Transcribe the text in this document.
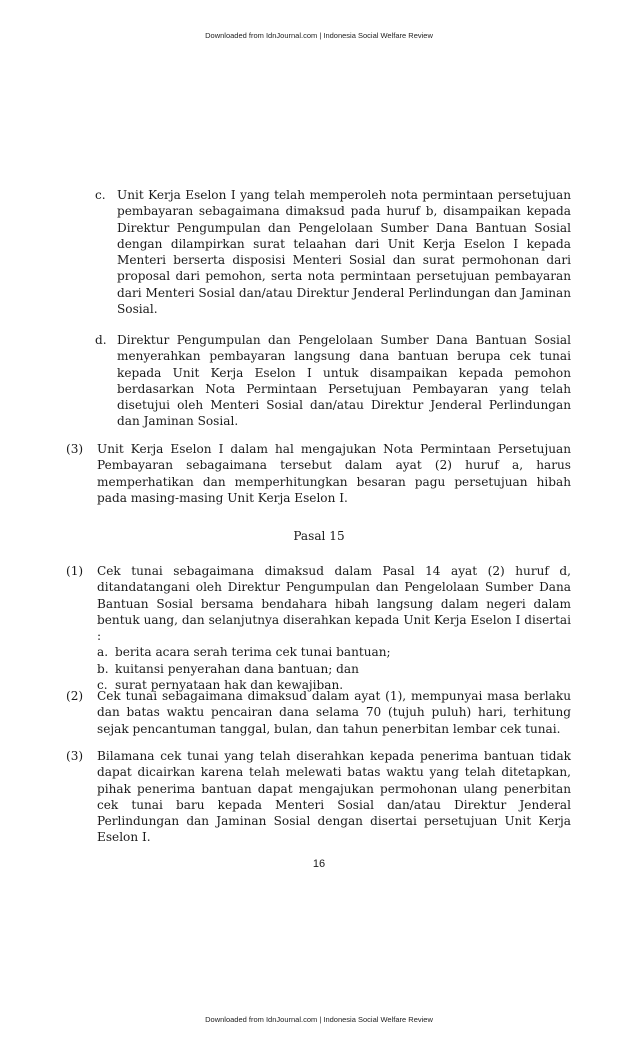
Downloaded from IdnJournal.com | Indonesia Social Welfare Review
c. Unit Kerja Eselon I yang telah memperoleh nota permintaan persetujuan pembayaran sebagaimana dimaksud pada huruf b, disampaikan kepada Direktur Pengumpulan dan Pengelolaan Sumber Dana Bantuan Sosial dengan dilampirkan surat telaahan dari Unit Kerja Eselon I kepada Menteri berserta disposisi Menteri Sosial dan surat permohonan dari proposal dari pemohon, serta nota permintaan persetujuan pembayaran dari Menteri Sosial dan/atau Direktur Jenderal Perlindungan dan Jaminan Sosial.
d. Direktur Pengumpulan dan Pengelolaan Sumber Dana Bantuan Sosial menyerahkan pembayaran langsung dana bantuan berupa cek tunai kepada Unit Kerja Eselon I untuk disampaikan kepada pemohon berdasarkan Nota Permintaan Persetujuan Pembayaran yang telah disetujui oleh Menteri Sosial dan/atau Direktur Jenderal Perlindungan dan Jaminan Sosial.
(3) Unit Kerja Eselon I dalam hal mengajukan Nota Permintaan Persetujuan Pembayaran sebagaimana tersebut dalam ayat (2) huruf a, harus memperhatikan dan memperhitungkan besaran pagu persetujuan hibah pada masing-masing Unit Kerja Eselon I.
Pasal 15
(1) Cek tunai sebagaimana dimaksud dalam Pasal 14 ayat (2) huruf d, ditandatangani oleh Direktur Pengumpulan dan Pengelolaan Sumber Dana Bantuan Sosial bersama bendahara hibah langsung dalam negeri dalam bentuk uang, dan selanjutnya diserahkan kepada Unit Kerja Eselon I disertai :
a. berita acara serah terima cek tunai bantuan;
b. kuitansi penyerahan dana bantuan; dan
c. surat pernyataan hak dan kewajiban.
(2) Cek tunai sebagaimana dimaksud dalam ayat (1), mempunyai masa berlaku dan batas waktu pencairan dana selama 70 (tujuh puluh) hari, terhitung sejak pencantuman tanggal, bulan, dan tahun penerbitan lembar cek tunai.
(3) Bilamana cek tunai yang telah diserahkan kepada penerima bantuan tidak dapat dicairkan karena telah melewati batas waktu yang telah ditetapkan, pihak penerima bantuan dapat mengajukan permohonan ulang penerbitan cek tunai baru kepada Menteri Sosial dan/atau Direktur Jenderal Perlindungan dan Jaminan Sosial dengan disertai persetujuan Unit Kerja Eselon I.
16
Downloaded from IdnJournal.com | Indonesia Social Welfare Review
